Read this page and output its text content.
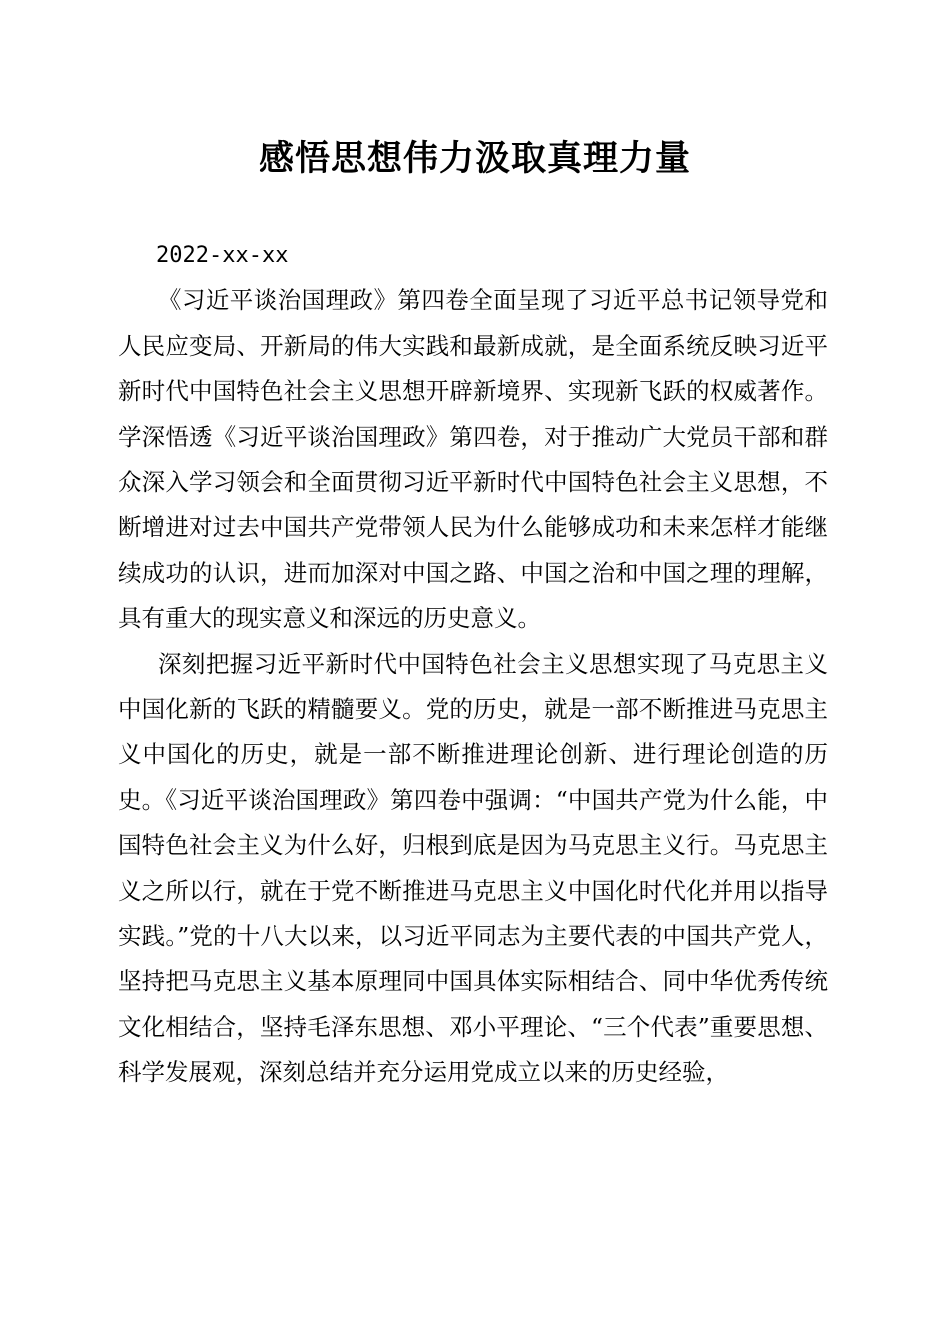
感悟思想伟力汲取真理力量
2022-xx-xx

《习近平谈治国理政》第四卷全面呈现了习近平总书记领导党和人民应变局、开新局的伟大实践和最新成就，是全面系统反映习近平新时代中国特色社会主义思想开辟新境界、实现新飞跃的权威著作。学深悟透《习近平谈治国理政》第四卷，对于推动广大党员干部和群众深入学习领会和全面贯彻习近平新时代中国特色社会主义思想，不断增进对过去中国共产党带领人民为什么能够成功和未来怎样才能继续成功的认识，进而加深对中国之路、中国之治和中国之理的理解，具有重大的现实意义和深远的历史意义。

深刻把握习近平新时代中国特色社会主义思想实现了马克思主义中国化新的飞跃的精髓要义。党的历史，就是一部不断推进马克思主义中国化的历史，就是一部不断推进理论创新、进行理论创造的历史。《习近平谈治国理政》第四卷中强调：“中国共产党为什么能，中国特色社会主义为什么好，归根到底是因为马克思主义行。马克思主义之所以行，就在于党不断推进马克思主义中国化时代化并用以指导实践。”党的十八大以来，以习近平同志为主要代表的中国共产党人，坚持把马克思主义基本原理同中国具体实际相结合、同中华优秀传统文化相结合，坚持毛泽东思想、邓小平理论、“三个代表”重要思想、科学发展观，深刻总结并充分运用党成立以来的历史经验，
